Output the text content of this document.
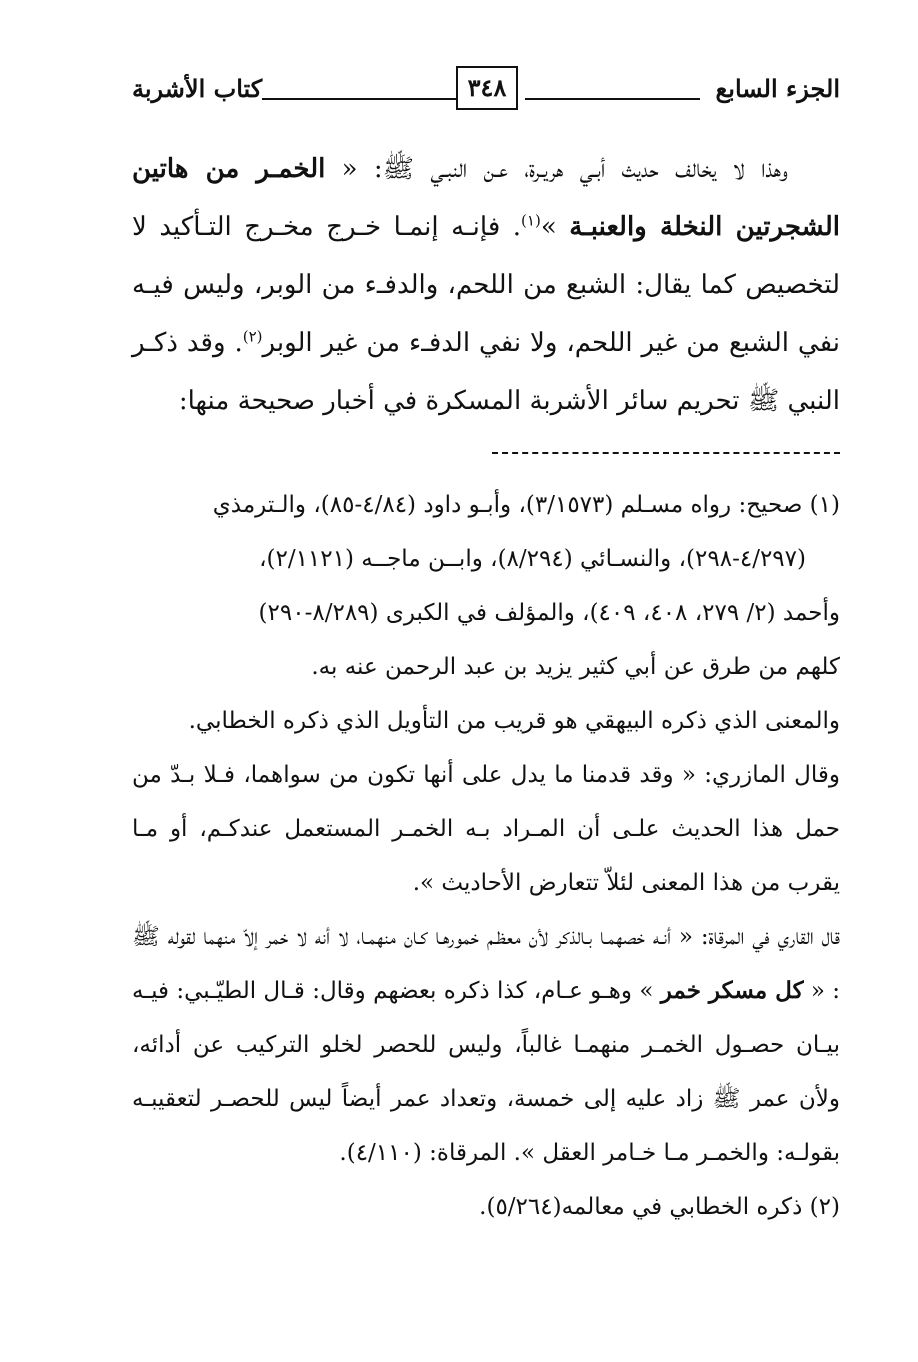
الجزء السابع
٣٤٨
كتاب الأشربة

وهذا لا يخالف حديث أبـي هريـرة، عـن النبـي ﷺ: « الخمـر من هاتين الشجرتين النخلة والعنبـة »$^{(١)}$. فإنـه إنمـا خـرج مخـرج التـأكيد لا لتخصيص كما يقال: الشبع من اللحم، والدفـء من الوبر، وليس فيـه نفي الشبع من غير اللحم، ولا نفي الدفـء من غير الوبر$^{(٢)}$. وقد ذكـر النبي ﷺ تحريم سائر الأشربة المسكرة في أخبار صحيحة منها:

(١) صحيح: رواه مسـلم (٣/١٥٧٣)، وأبـو داود (٤/٨٤-٨٥)، والـترمذي

(٤/٢٩٧-٢٩٨)، والنسـائي (٨/٢٩٤)، وابــن ماجــه (٢/١١٢١)،

وأحمد (٢/ ٢٧٩، ٤٠٨، ٤٠٩)، والمؤلف في الكبرى (٨/٢٨٩-٢٩٠)

كلهم من طرق عن أبي كثير يزيد بن عبد الرحمن عنه به.

والمعنى الذي ذكره البيهقي هو قريب من التأويل الذي ذكره الخطابي.

وقال المازري: « وقد قدمنا ما يدل على أنها تكون من سواهما، فـلا بـدّ من حمل هذا الحديث علـى أن المـراد بـه الخمـر المستعمل عندكـم، أو مـا يقرب من هذا المعنى لئلاّ تتعارض الأحاديث ».

قال القاري في المرقاة: « أنـه خصهمـا بـالذكر لأن معظـم خمورهـا كـان منهمـا، لا أنه لا خمر إلاّ منهما لقوله ﷺ : « كل مسكر خمر » وهـو عـام، كذا ذكره بعضهم وقال: قـال الطيّـبي: فيـه بيـان حصـول الخمـر منهمـا غالباً، وليس للحصر لخلو التركيب عن أدائه، ولأن عمر ﷺ زاد عليه إلى خمسة، وتعداد عمر أيضاً ليس للحصـر لتعقيبـه بقولـه: والخمـر مـا خـامر العقل ». المرقاة: (٤/١١٠).

(٢) ذكره الخطابي في معالمه(٥/٢٦٤).
